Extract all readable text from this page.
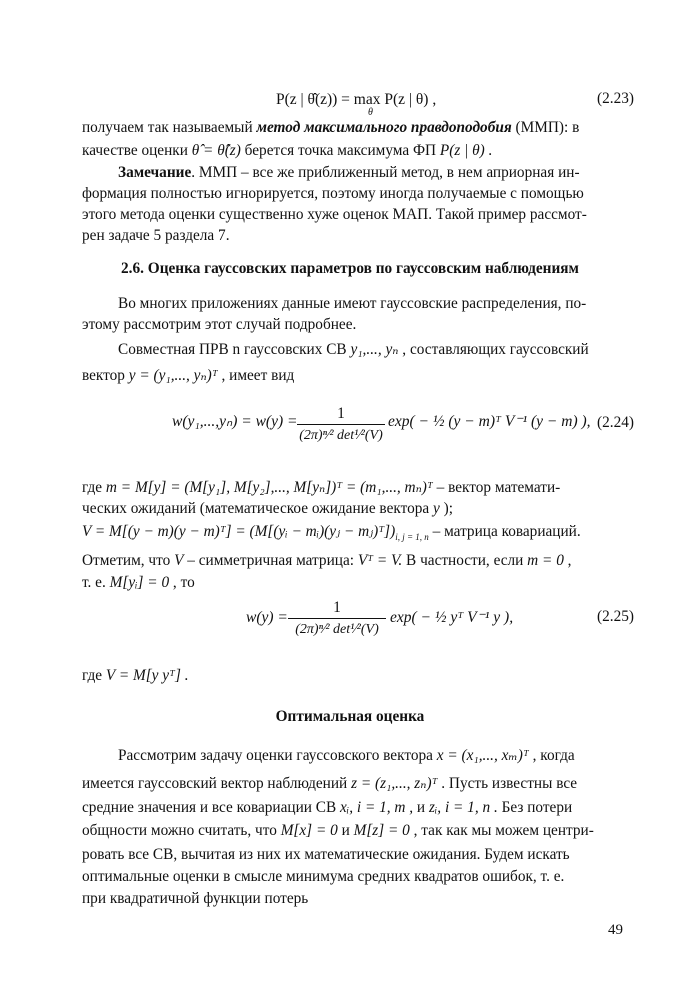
P(z | θ̂(z)) = max P(z | θ) ,
θ
(2.23)
получаем так называемый метод максимального правдоподобия (ММП): в
качестве оценки θ̂ = θ̂(z) берется точка максимума ФП P(z | θ) .
Замечание. ММП – все же приближенный метод, в нем априорная ин-
формация полностью игнорируется, поэтому иногда получаемые с помощью
этого метода оценки существенно хуже оценок МАП. Такой пример рассмот-
рен задаче 5 раздела 7.
2.6. Оценка гауссовских параметров по гауссовским наблюдениям
Во многих приложениях данные имеют гауссовские распределения, по-
этому рассмотрим этот случай подробнее.
Совместная ПРВ n гауссовских СВ y₁,..., yₙ , составляющих гауссовский
вектор y = (y₁,..., yₙ)ᵀ , имеет вид
w(y₁,...,yₙ) = w(y) =	1
(2π)ⁿ⁄² det¹⁄²(V)
exp( − ½ (y − m)ᵀ V⁻¹ (y − m) ), (2.24)
где m = M[y] = (M[y₁], M[y₂],..., M[yₙ])ᵀ = (m₁,..., mₙ)ᵀ – вектор математи-
ческих ожиданий (математическое ожидание вектора y );
V = M[(y − m)(y − m)ᵀ] = (M[(yᵢ − mᵢ)(yⱼ − $mⱼ)ᵀ])_{i, j = 1, n}$ – матрица ковариаций.
Отметим, что V – симметричная матрица: Vᵀ = V. В частности, если m = 0 ,
т. е. M[yᵢ] = 0 , то
w(y) =
1
(2π)ⁿ⁄² det¹⁄²(V)
exp( − ½ yᵀ V⁻¹ y ),	(2.25)
где V = M[y yᵀ] .
Оптимальная оценка
Рассмотрим задачу оценки гауссовского вектора x = (x₁,..., xₘ)ᵀ , когда
имеется гауссовский вектор наблюдений z = (z₁,..., zₙ)ᵀ . Пусть известны все
средние значения и все ковариации СВ xᵢ, i = 1, m , и zᵢ, i = 1, n . Без потери
общности можно считать, что M[x] = 0 и M[z] = 0 , так как мы можем центри-
ровать все СВ, вычитая из них их математические ожидания. Будем искать
оптимальные оценки в смысле минимума средних квадратов ошибок, т. е.
при квадратичной функции потерь
49
